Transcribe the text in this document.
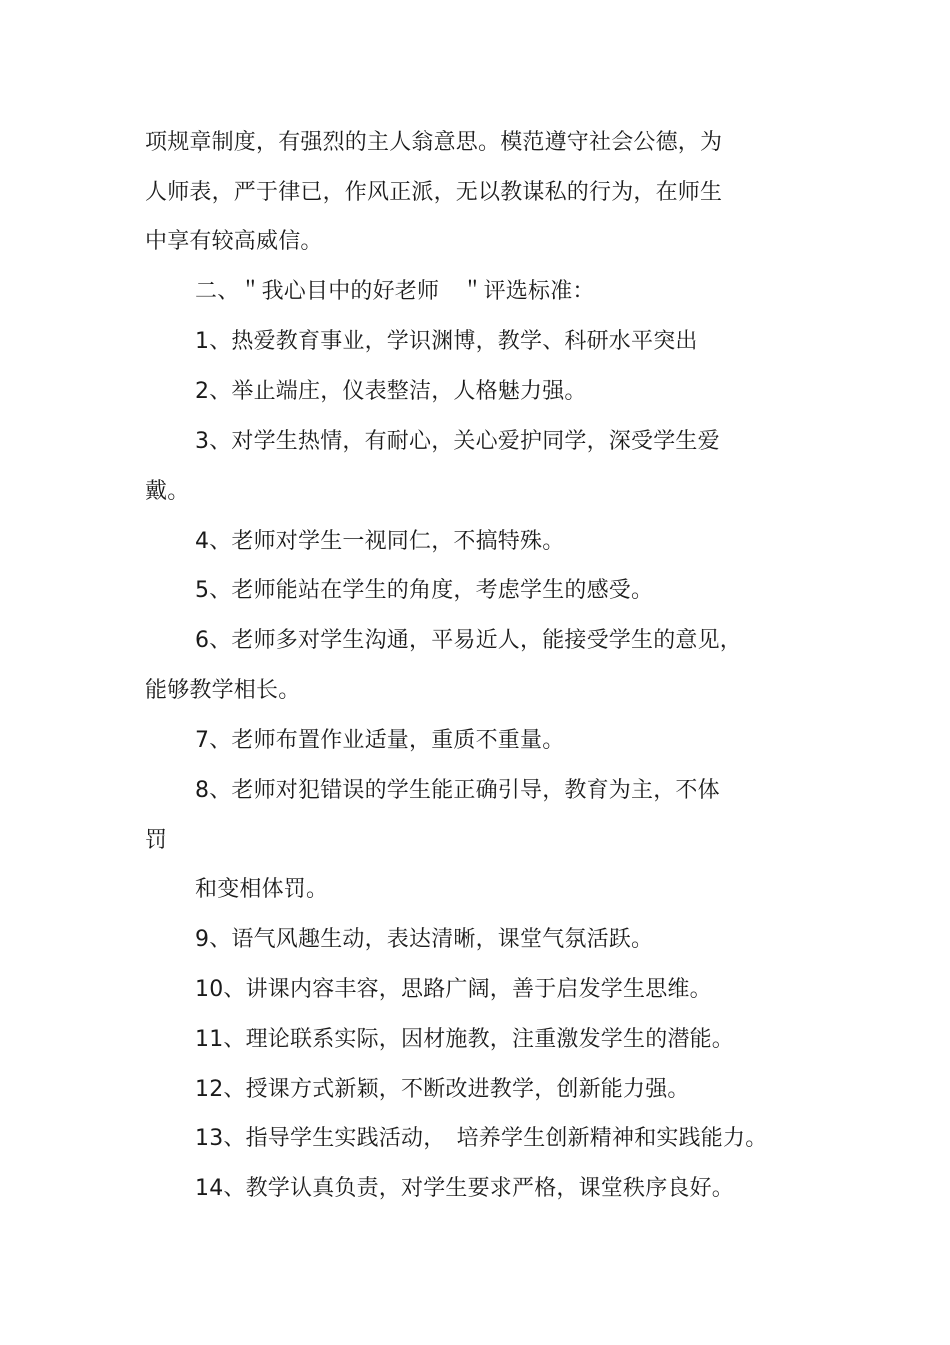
项规章制度，有强烈的主人翁意思。模范遵守社会公德，为
人师表，严于律已，作风正派，无以教谋私的行为，在师生
中享有较高威信。
二、＂我心目中的好老师　＂评选标准：
1、热爱教育事业，学识渊博，教学、科研水平突出
2、举止端庄，仪表整洁，人格魅力强。
3、对学生热情，有耐心，关心爱护同学，深受学生爱
戴。
4、老师对学生一视同仁，不搞特殊。
5、老师能站在学生的角度，考虑学生的感受。
6、老师多对学生沟通，平易近人，能接受学生的意见，
能够教学相长。
7、老师布置作业适量，重质不重量。
8、老师对犯错误的学生能正确引导，教育为主，不体
罚
和变相体罚。
9、语气风趣生动，表达清晰，课堂气氛活跃。
10、讲课内容丰容，思路广阔，善于启发学生思维。
11、理论联系实际，因材施教，注重激发学生的潜能。
12、授课方式新颖，不断改进教学，创新能力强。
13、指导学生实践活动，　培养学生创新精神和实践能力。
14、教学认真负责，对学生要求严格，课堂秩序良好。
